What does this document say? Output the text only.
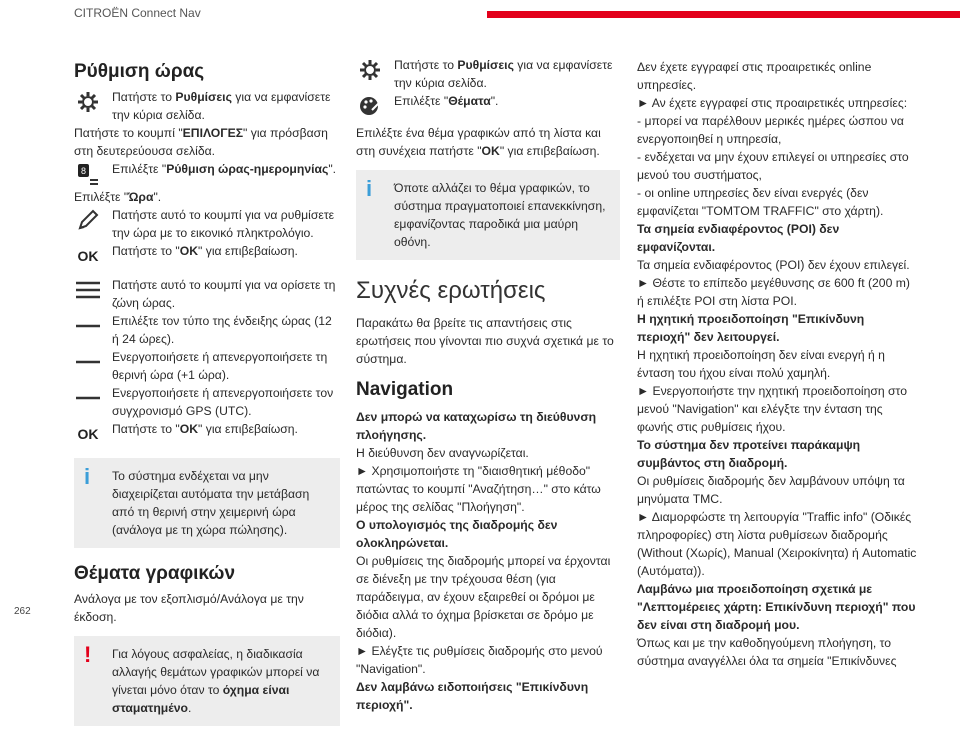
CITROËN Connect Nav
262
Ρύθμιση ώρας

Πατήστε το Ρυθμίσεις για να εμφανίσετε την κύρια σελίδα.

Πατήστε το κουμπί "ΕΠΙΛΟΓΕΣ" για πρόσβαση στη δευτερεύουσα σελίδα.

8 Επιλέξτε "Ρύθμιση ώρας-ημερομηνίας".

Επιλέξτε "Ώρα".

Πατήστε αυτό το κουμπί για να ρυθμίσετε την ώρα με το εικονικό πληκτρολόγιο.

OK Πατήστε το "OK" για επιβεβαίωση.

Πατήστε αυτό το κουμπί για να ορίσετε τη ζώνη ώρας.

Επιλέξτε τον τύπο της ένδειξης ώρας (12 ή 24 ώρες).

Ενεργοποιήσετε ή απενεργοποιήσετε τη θερινή ώρα (+1 ώρα).

Ενεργοποιήσετε ή απενεργοποιήσετε τον συγχρονισμό GPS (UTC).

OK Πατήστε το "OK" για επιβεβαίωση.

i	Το σύστημα ενδέχεται να μην διαχειρίζεται αυτόματα την μετάβαση από τη θερινή στην χειμερινή ώρα (ανάλογα με τη χώρα πώλησης).

Θέματα γραφικών

Ανάλογα με τον εξοπλισμό/Ανάλογα με την έκδοση.

!	Για λόγους ασφαλείας, η διαδικασία αλλαγής θεμάτων γραφικών μπορεί να γίνεται μόνο όταν το όχημα είναι σταματημένο.

Πατήστε το Ρυθμίσεις για να εμφανίσετε την κύρια σελίδα.

Επιλέξτε "Θέματα".

Επιλέξτε ένα θέμα γραφικών από τη λίστα και στη συνέχεια πατήστε "OK" για επιβεβαίωση.

i	Όποτε αλλάζει το θέμα γραφικών, το σύστημα πραγματοποιεί επανεκκίνηση, εμφανίζοντας παροδικά μια μαύρη οθόνη.

Συχνές ερωτήσεις

Παρακάτω θα βρείτε τις απαντήσεις στις ερωτήσεις που γίνονται πιο συχνά σχετικά με το σύστημα.

Navigation

Δεν μπορώ να καταχωρίσω τη διεύθυνση πλοήγησης.

Η διεύθυνση δεν αναγνωρίζεται.

► Χρησιμοποιήστε τη "διαισθητική μέθοδο" πατώντας το κουμπί "Αναζήτηση…" στο κάτω μέρος της σελίδας "Πλοήγηση".

Ο υπολογισμός της διαδρομής δεν ολοκληρώνεται.

Οι ρυθμίσεις της διαδρομής μπορεί να έρχονται σε διένεξη με την τρέχουσα θέση (για παράδειγμα, αν έχουν εξαιρεθεί οι δρόμοι με διόδια αλλά το όχημα βρίσκεται σε δρόμο με διόδια).

► Ελέγξτε τις ρυθμίσεις διαδρομής στο μενού "Navigation".

Δεν λαμβάνω ειδοποιήσεις "Επικίνδυνη περιοχή".

Δεν έχετε εγγραφεί στις προαιρετικές online υπηρεσίες.

► Αν έχετε εγγραφεί στις προαιρετικές υπηρεσίες:

- μπορεί να παρέλθουν μερικές ημέρες ώσπου να ενεργοποιηθεί η υπηρεσία,

- ενδέχεται να μην έχουν επιλεγεί οι υπηρεσίες στο μενού του συστήματος,

- οι online υπηρεσίες δεν είναι ενεργές (δεν εμφανίζεται "TOMTOM TRAFFIC" στο χάρτη).

Τα σημεία ενδιαφέροντος (POI) δεν εμφανίζονται.

Τα σημεία ενδιαφέροντος (POI) δεν έχουν επιλεγεί.

► Θέστε το επίπεδο μεγέθυνσης σε 600 ft (200 m) ή επιλέξτε POI στη λίστα POI.

Η ηχητική προειδοποίηση "Επικίνδυνη περιοχή" δεν λειτουργεί.

Η ηχητική προειδοποίηση δεν είναι ενεργή ή η ένταση του ήχου είναι πολύ χαμηλή.

► Ενεργοποιήστε την ηχητική προειδοποίηση στο μενού "Navigation" και ελέγξτε την ένταση της φωνής στις ρυθμίσεις ήχου.

Το σύστημα δεν προτείνει παράκαμψη συμβάντος στη διαδρομή.

Οι ρυθμίσεις διαδρομής δεν λαμβάνουν υπόψη τα μηνύματα TMC.

► Διαμορφώστε τη λειτουργία "Traffic info" (Οδικές πληροφορίες) στη λίστα ρυθμίσεων διαδρομής (Without (Χωρίς), Manual (Χειροκίνητα) ή Automatic (Αυτόματα)).

Λαμβάνω μια προειδοποίηση σχετικά με "Λεπτομέρειες χάρτη: Επικίνδυνη περιοχή" που δεν είναι στη διαδρομή μου.

Όπως και με την καθοδηγούμενη πλοήγηση, το σύστημα αναγγέλλει όλα τα σημεία "Επικίνδυνες
